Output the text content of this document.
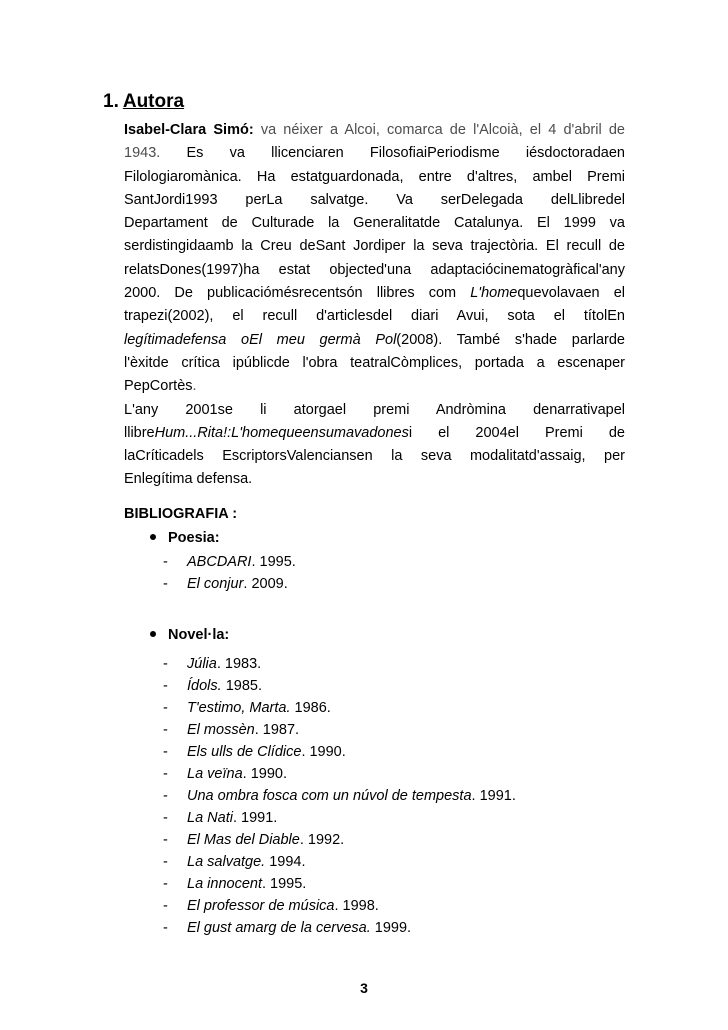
1. Autora
Isabel-Clara Simó: va néixer a Alcoi, comarca de l'Alcoià, el 4 d'abril de
1943. Es va llicenciaren FilosofiaiPeriodisme iésdoctoradaen
Filologiaromànica. Ha estatguardonada, entre d'altres, ambel Premi
SantJordi1993 perLa salvatge. Va serDelegada delLlibredel
Departament de Culturade la Generalitatde Catalunya. El 1999 va
serdistingidaamb la Creu deSant Jordiper la seva trajectòria. El recull de
relatsDones(1997)ha estat objected'una adaptaciócinematogràfical'any
2000. De publicaciómésrecentsón llibres com L'homequevolavaen el
trapezi(2002), el recull d'articlesdel diari Avui, sota el títolEn
legítimadefensa oEl meu germà Pol(2008). També s'hade parlarde
l'èxitde crítica ipúblicde l'obra teatralCòmplices, portada a escenaper
PepCortès.
L'any 2001se li atorgael premi Andròmina denarrativapel
llibreHum...Rita!:L'homequeensumavadonesi el 2004el Premi de
laCríticadels EscriptorsValenciansen la seva modalitatd'assaig, per
Enlegítima defensa.
BIBLIOGRAFIA :
Poesia:
- ABCDARI. 1995.
- El conjur. 2009.
Novel·la:
- Júlia. 1983.
- Ídols. 1985.
- T'estimo, Marta. 1986.
- El mossèn. 1987.
- Els ulls de Clídice. 1990.
- La veïna. 1990.
- Una ombra fosca com un núvol de tempesta. 1991.
- La Nati. 1991.
- El Mas del Diable. 1992.
- La salvatge. 1994.
- La innocent. 1995.
- El professor de música. 1998.
- El gust amarg de la cervesa. 1999.
3
